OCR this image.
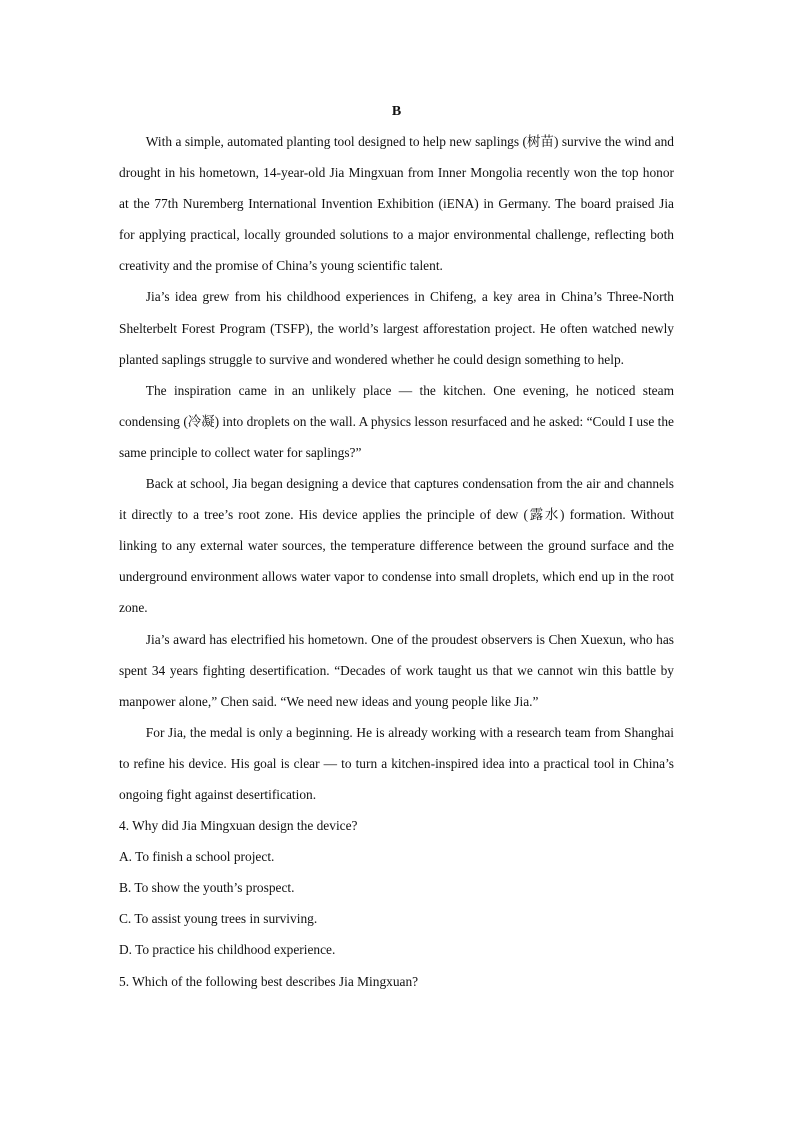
B

With a simple, automated planting tool designed to help new saplings (树苗) survive the wind and drought in his hometown, 14-year-old Jia Mingxuan from Inner Mongolia recently won the top honor at the 77th Nuremberg International Invention Exhibition (iENA) in Germany. The board praised Jia for applying practical, locally grounded solutions to a major environmental challenge, reflecting both creativity and the promise of China’s young scientific talent.

Jia’s idea grew from his childhood experiences in Chifeng, a key area in China’s Three-North Shelterbelt Forest Program (TSFP), the world’s largest afforestation project. He often watched newly planted saplings struggle to survive and wondered whether he could design something to help.

The inspiration came in an unlikely place — the kitchen. One evening, he noticed steam condensing (冷凝) into droplets on the wall. A physics lesson resurfaced and he asked: “Could I use the same principle to collect water for saplings?”

Back at school, Jia began designing a device that captures condensation from the air and channels it directly to a tree’s root zone. His device applies the principle of dew (露水) formation. Without linking to any external water sources, the temperature difference between the ground surface and the underground environment allows water vapor to condense into small droplets, which end up in the root zone.

Jia’s award has electrified his hometown. One of the proudest observers is Chen Xuexun, who has spent 34 years fighting desertification. “Decades of work taught us that we cannot win this battle by manpower alone,” Chen said. “We need new ideas and young people like Jia.”

For Jia, the medal is only a beginning. He is already working with a research team from Shanghai to refine his device. His goal is clear — to turn a kitchen-inspired idea into a practical tool in China’s ongoing fight against desertification.

4. Why did Jia Mingxuan design the device?

A. To finish a school project.

B. To show the youth’s prospect.

C. To assist young trees in surviving.

D. To practice his childhood experience.

5. Which of the following best describes Jia Mingxuan?
